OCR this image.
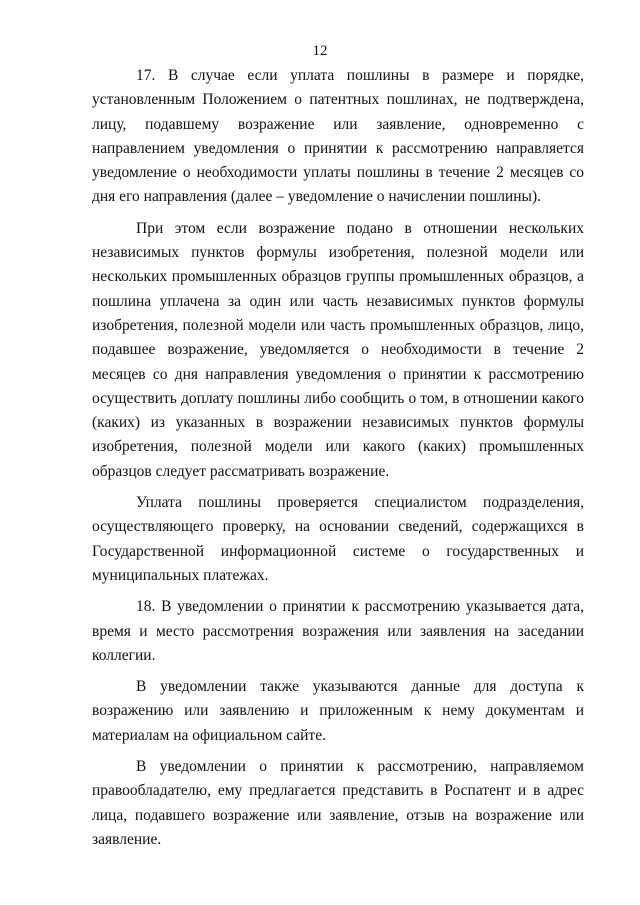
12

17. В случае если уплата пошлины в размере и порядке, установленным Положением о патентных пошлинах, не подтверждена, лицу, подавшему возражение или заявление, одновременно с направлением уведомления о принятии к рассмотрению направляется уведомление о необходимости уплаты пошлины в течение 2 месяцев со дня его направления (далее – уведомление о начислении пошлины).

При этом если возражение подано в отношении нескольких независимых пунктов формулы изобретения, полезной модели или нескольких промышленных образцов группы промышленных образцов, а пошлина уплачена за один или часть независимых пунктов формулы изобретения, полезной модели или часть промышленных образцов, лицо, подавшее возражение, уведомляется о необходимости в течение 2 месяцев со дня направления уведомления о принятии к рассмотрению осуществить доплату пошлины либо сообщить о том, в отношении какого (каких) из указанных в возражении независимых пунктов формулы изобретения, полезной модели или какого (каких) промышленных образцов следует рассматривать возражение.

Уплата пошлины проверяется специалистом подразделения, осуществляющего проверку, на основании сведений, содержащихся в Государственной информационной системе о государственных и муниципальных платежах.

18. В уведомлении о принятии к рассмотрению указывается дата, время и место рассмотрения возражения или заявления на заседании коллегии.

В уведомлении также указываются данные для доступа к возражению или заявлению и приложенным к нему документам и материалам на официальном сайте.

В уведомлении о принятии к рассмотрению, направляемом правообладателю, ему предлагается представить в Роспатент и в адрес лица, подавшего возражение или заявление, отзыв на возражение или заявление.
